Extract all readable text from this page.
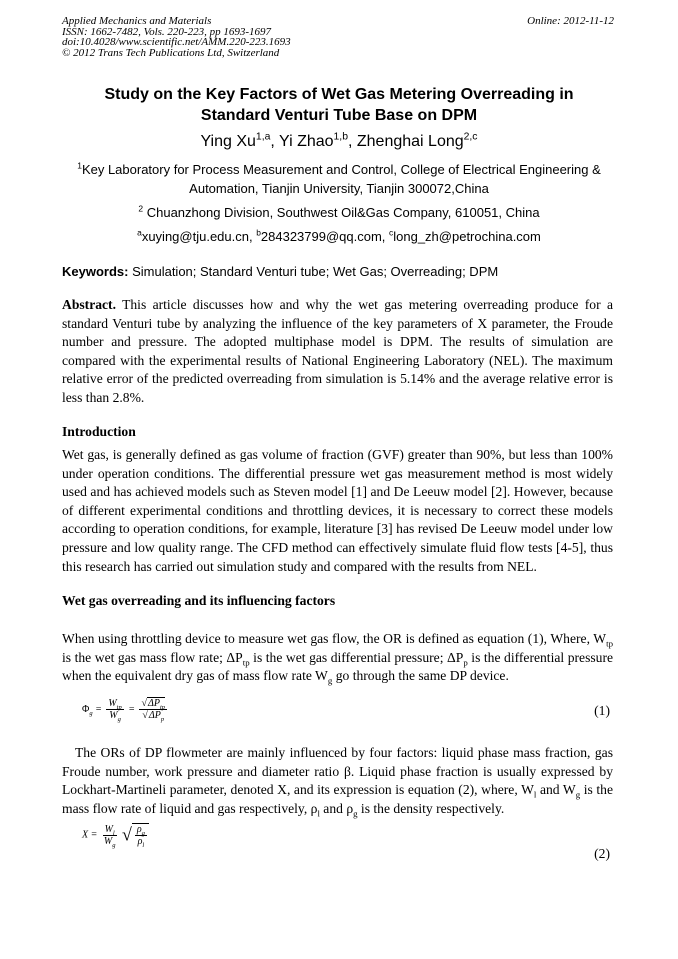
Applied Mechanics and Materials
ISSN: 1662-7482, Vols. 220-223, pp 1693-1697
doi:10.4028/www.scientific.net/AMM.220-223.1693
© 2012 Trans Tech Publications Ltd, Switzerland
Online: 2012-11-12
Study on the Key Factors of Wet Gas Metering Overreading in
Standard Venturi Tube Base on DPM
Ying Xu$^{1,a}$, Yi Zhao$^{1,b}$, Zhenghai Long$^{2,c}$
$^1$Key Laboratory for Process Measurement and Control, College of Electrical Engineering &
Automation, Tianjin University, Tianjin 300072,China
$^2$ Chuanzhong Division, Southwest Oil&Gas Company, 610051, China
$^a$xuying@tju.edu.cn, $^b$284323799@qq.com, $^c$long_zh@petrochina.com
Keywords: Simulation; Standard Venturi tube; Wet Gas; Overreading; DPM
Abstract. This article discusses how and why the wet gas metering overreading produce for a standard Venturi tube by analyzing the influence of the key parameters of X parameter, the Froude number and pressure. The adopted multiphase model is DPM. The results of simulation are compared with the experimental results of National Engineering Laboratory (NEL). The maximum relative error of the predicted overreading from simulation is 5.14% and the average relative error is less than 2.8%.
Introduction
Wet gas, is generally defined as gas volume of fraction (GVF) greater than 90%, but less than 100% under operation conditions. The differential pressure wet gas measurement method is most widely used and has achieved models such as Steven model [1] and De Leeuw model [2]. However, because of different experimental conditions and throttling devices, it is necessary to correct these models according to operation conditions, for example, literature [3] has revised De Leeuw model under low pressure and low quality range. The CFD method can effectively simulate fluid flow tests [4-5], thus this research has carried out simulation study and compared with the results from NEL.
Wet gas overreading and its influencing factors
When using throttling device to measure wet gas flow, the OR is defined as equation (1), Where, $W_{tp}$ is the wet gas mass flow rate; $\Delta P_{tp}$ is the wet gas differential pressure; $\Delta P_p$ is the differential pressure when the equivalent dry gas of mass flow rate $W_g$ go through the same DP device.
$\Phi_g = \frac{W_{tp}}{W_g} = \frac{√\Delta P_{tp}}{√\Delta P_p}$	(1)
The ORs of DP flowmeter are mainly influenced by four factors: liquid phase mass fraction, gas Froude number, work pressure and diameter ratio β. Liquid phase fraction is usually expressed by Lockhart-Martineli parameter, denoted X, and its expression is equation (2), where, $W_l$ and $W_g$ is the mass flow rate of liquid and gas respectively, $\rho_l$ and $\rho_g$ is the density respectively.
$X = \frac{W_l}{W_g}$ √ $\frac{\rho_g}{\rho_l}$
(2)
